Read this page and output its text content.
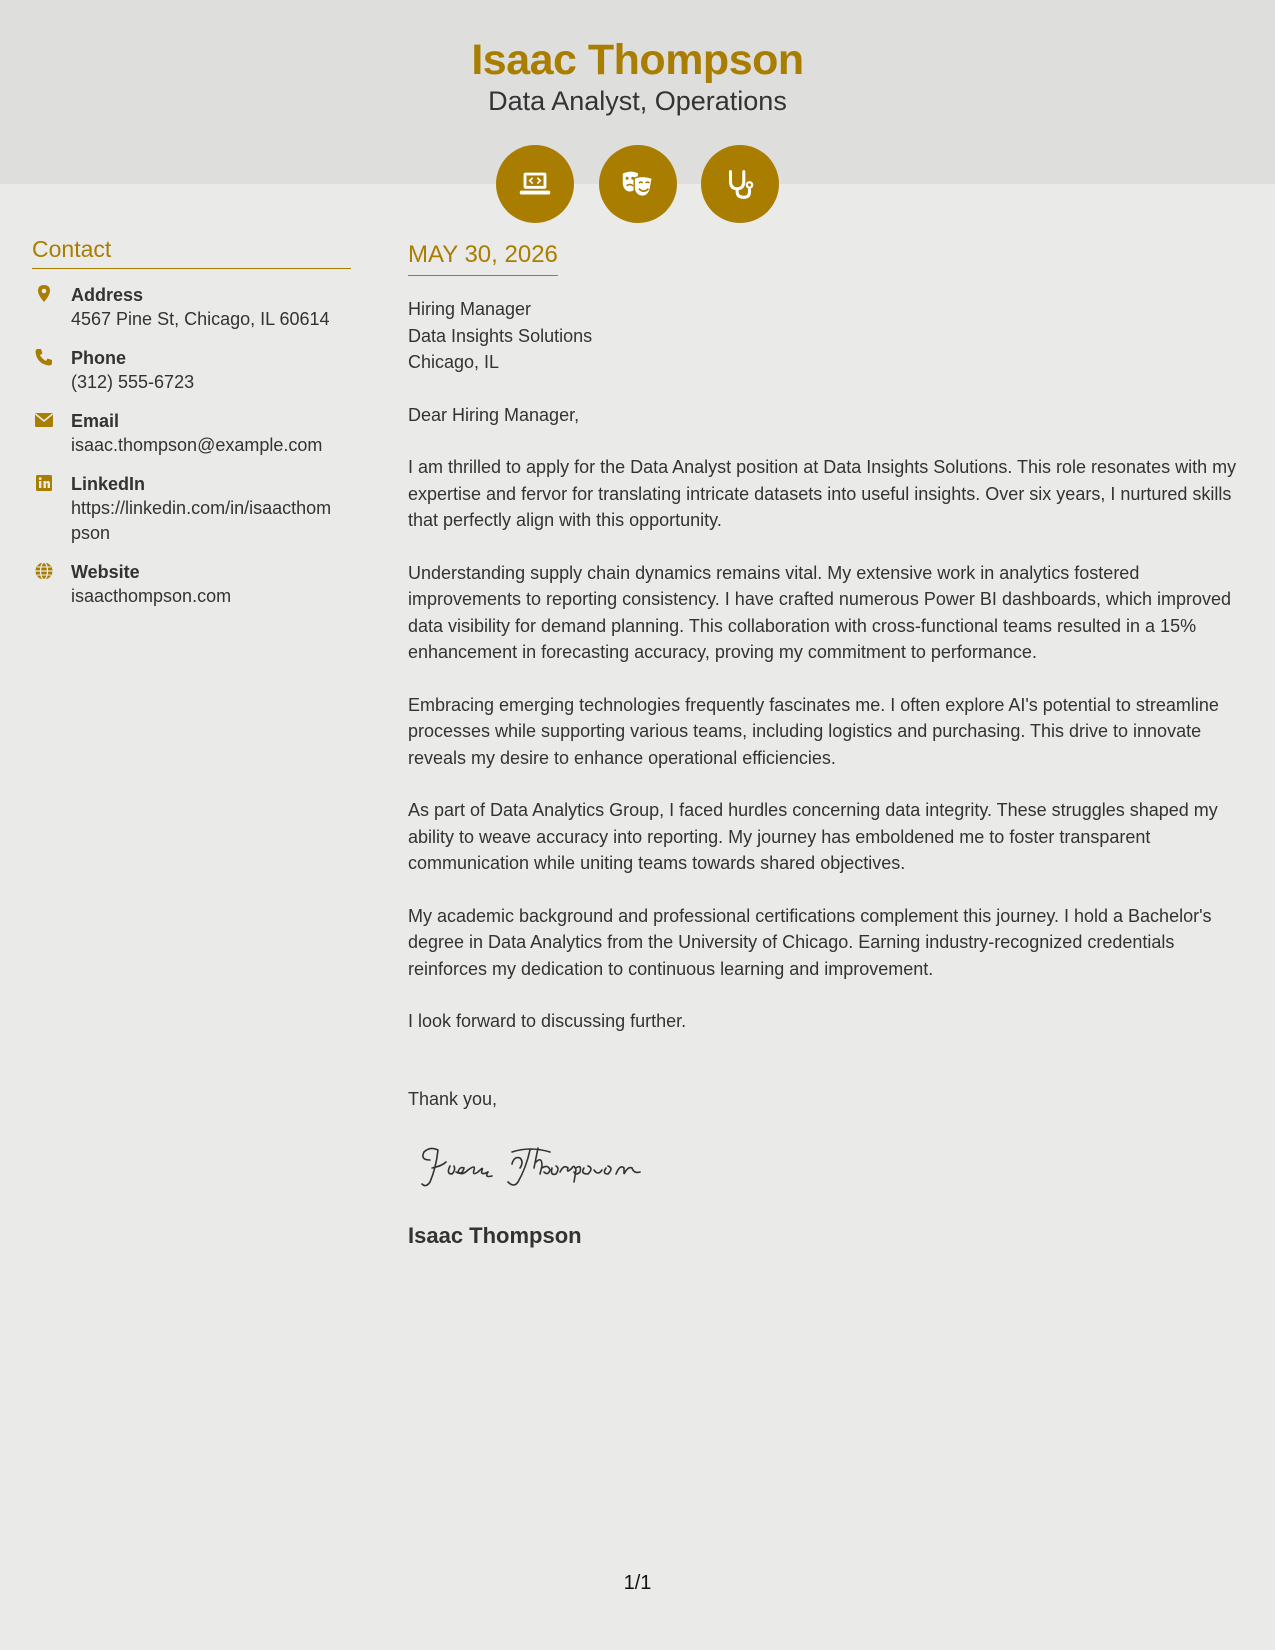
Isaac Thompson
Data Analyst, Operations
Contact
Address
4567 Pine St, Chicago, IL 60614
Phone
(312) 555-6723
Email
isaac.thompson@example.com
LinkedIn
https://linkedin.com/in/isaacthompson
Website
isaacthompson.com
MAY 30, 2026
Hiring Manager
Data Insights Solutions
Chicago, IL

Dear Hiring Manager,

I am thrilled to apply for the Data Analyst position at Data Insights Solutions. This role resonates with my expertise and fervor for translating intricate datasets into useful insights. Over six years, I nurtured skills that perfectly align with this opportunity.

Understanding supply chain dynamics remains vital. My extensive work in analytics fostered improvements to reporting consistency. I have crafted numerous Power BI dashboards, which improved data visibility for demand planning. This collaboration with cross-functional teams resulted in a 15% enhancement in forecasting accuracy, proving my commitment to performance.

Embracing emerging technologies frequently fascinates me. I often explore AI's potential to streamline processes while supporting various teams, including logistics and purchasing. This drive to innovate reveals my desire to enhance operational efficiencies.

As part of Data Analytics Group, I faced hurdles concerning data integrity. These struggles shaped my ability to weave accuracy into reporting. My journey has emboldened me to foster transparent communication while uniting teams towards shared objectives.

My academic background and professional certifications complement this journey. I hold a Bachelor's degree in Data Analytics from the University of Chicago. Earning industry-recognized credentials reinforces my dedication to continuous learning and improvement.

I look forward to discussing further.

Thank you,
Isaac Thompson
1/1
